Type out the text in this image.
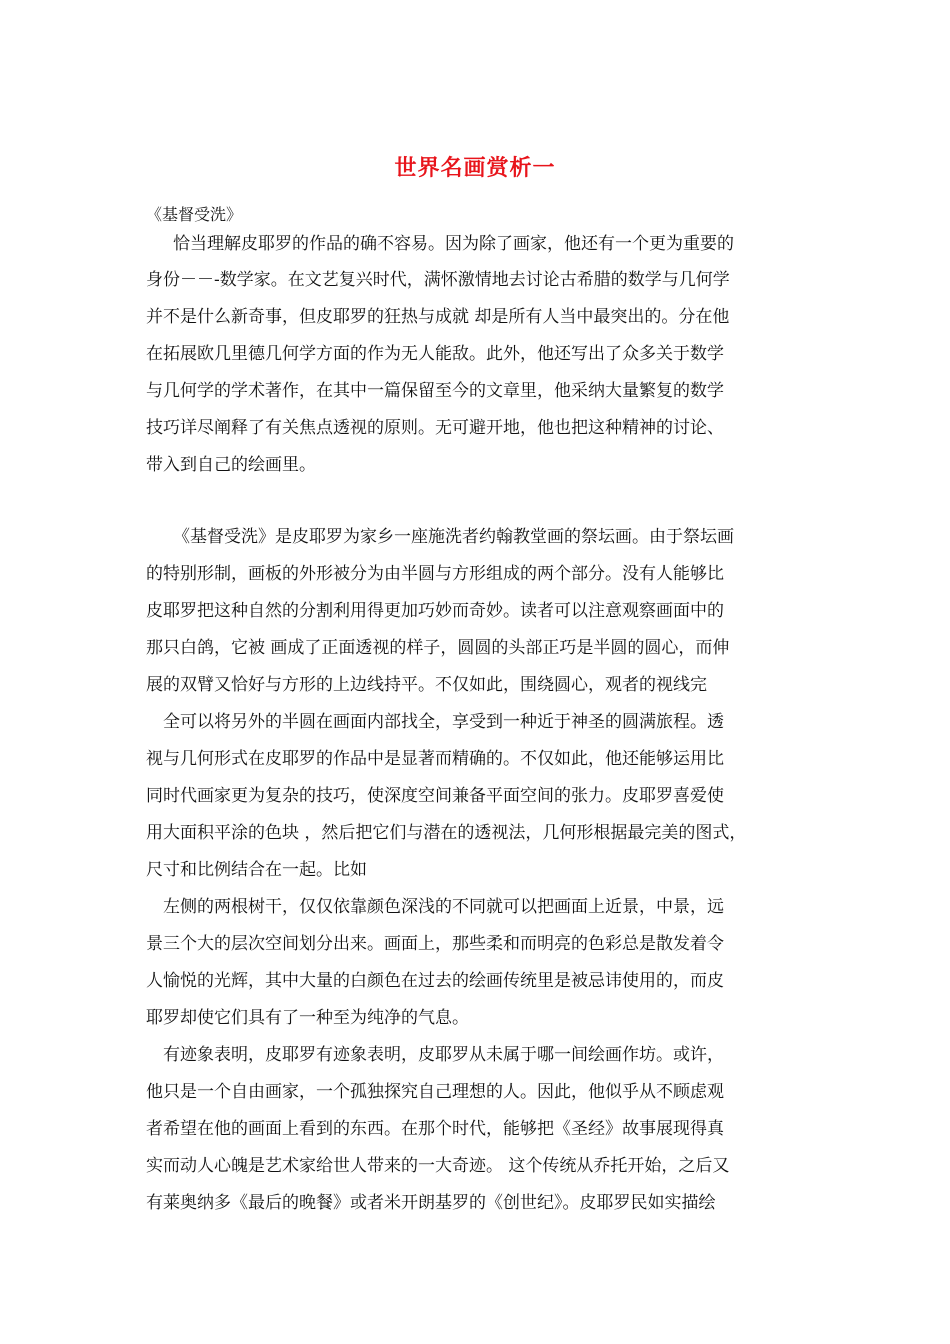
世界名画赏析一
《基督受洗》
恰当理解皮耶罗的作品的确不容易。因为除了画家，他还有一个更为重要的
身份－－-数学家。在文艺复兴时代，满怀激情地去讨论古希腊的数学与几何学
并不是什么新奇事，但皮耶罗的狂热与成就 却是所有人当中最突出的。分在他
在拓展欧几里德几何学方面的作为无人能敌。此外，他还写出了众多关于数学
与几何学的学术著作，在其中一篇保留至今的文章里，他采纳大量繁复的数学
技巧详尽阐释了有关焦点透视的原则。无可避开地，他也把这种精神的讨论、
带入到自己的绘画里。
《基督受洗》是皮耶罗为家乡一座施洗者约翰教堂画的祭坛画。由于祭坛画
的特别形制，画板的外形被分为由半圆与方形组成的两个部分。没有人能够比
皮耶罗把这种自然的分割利用得更加巧妙而奇妙。读者可以注意观察画面中的
那只白鸽，它被 画成了正面透视的样子，圆圆的头部正巧是半圆的圆心，而伸
展的双臂又恰好与方形的上边线持平。不仅如此，围绕圆心，观者的视线完
全可以将另外的半圆在画面内部找全，享受到一种近于神圣的圆满旅程。透
视与几何形式在皮耶罗的作品中是显著而精确的。不仅如此，他还能够运用比
同时代画家更为复杂的技巧，使深度空间兼备平面空间的张力。皮耶罗喜爱使
用大面积平涂的色块 ，然后把它们与潜在的透视法，几何形根据最完美的图式，
尺寸和比例结合在一起。比如
左侧的两根树干，仅仅依靠颜色深浅的不同就可以把画面上近景，中景，远
景三个大的层次空间划分出来。画面上，那些柔和而明亮的色彩总是散发着令
人愉悦的光辉，其中大量的白颜色在过去的绘画传统里是被忌讳使用的，而皮
耶罗却使它们具有了一种至为纯净的气息。
有迹象表明，皮耶罗有迹象表明，皮耶罗从未属于哪一间绘画作坊。或许，
他只是一个自由画家，一个孤独探究自己理想的人。因此，他似乎从不顾虑观
者希望在他的画面上看到的东西。在那个时代，能够把《圣经》故事展现得真
实而动人心魄是艺术家给世人带来的一大奇迹。 这个传统从乔托开始，之后又
有莱奥纳多《最后的晚餐》或者米开朗基罗的《创世纪》。皮耶罗民如实描绘
